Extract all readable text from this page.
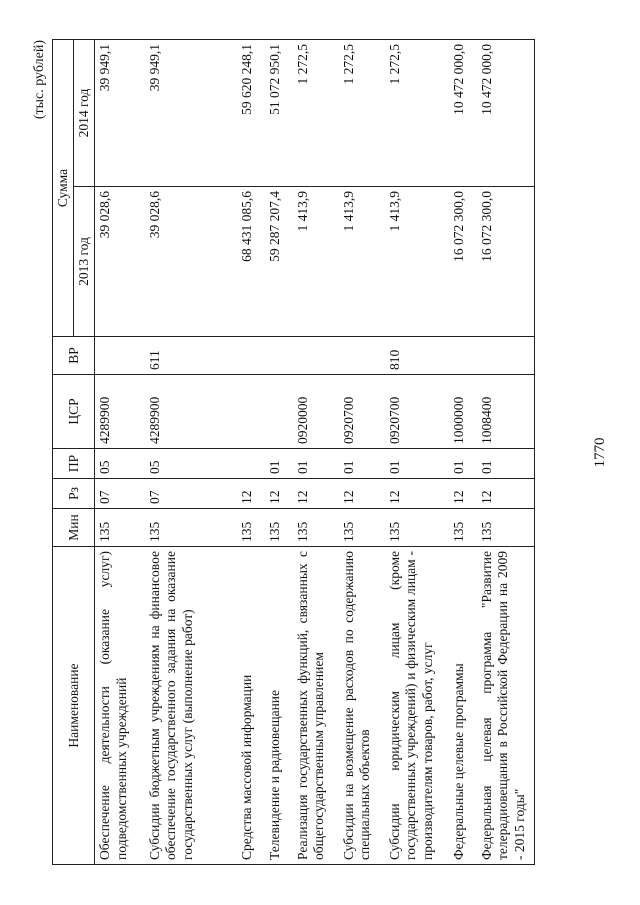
1770
(тыс. рублей)
Наименование	Мин	Рз	ПР	ЦСР	ВР	Сумма	
						2013 год	2014 год
Обеспечение деятельности (оказание услуг) подведомственных учреждений	135	07	05	4289900		39 028,6	39 949,1
Субсидии бюджетным учреждениям на финансовое обеспечение государственного задания на оказание государственных услуг (выполнение работ)	135	07	05	4289900	611	39 028,6	39 949,1
Средства массовой информации	135	12				68 431 085,6	59 620 248,1
Телевидение и радиовещание	135	12	01			59 287 207,4	51 072 950,1
Реализация государственных функций, связанных с общегосударственным управлением	135	12	01	0920000		1 413,9	1 272,5
Субсидии на возмещение расходов по содержанию специальных объектов	135	12	01	0920700		1 413,9	1 272,5
Субсидии юридическим лицам (кроме государственных учреждений) и физическим лицам - производителям товаров, работ, услуг	135	12	01	0920700	810	1 413,9	1 272,5
Федеральные целевые программы	135	12	01	1000000		16 072 300,0	10 472 000,0
Федеральная целевая программа "Развитие телерадиовещания в Российской Федерации на 2009 - 2015 годы"	135	12	01	1008400		16 072 300,0	10 472 000,0
